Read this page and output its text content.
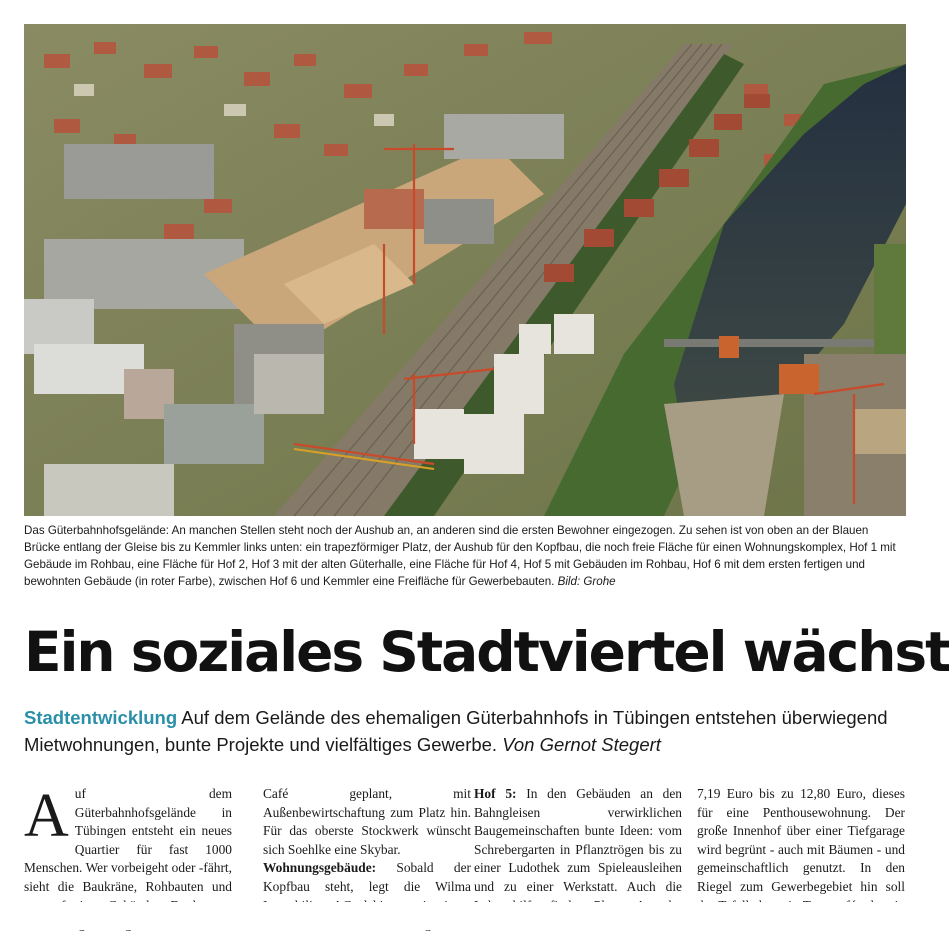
Das Güterbahnhofsgelände: An manchen Stellen steht noch der Aushub an, an anderen sind die ersten Bewohner eingezogen. Zu sehen ist von oben an der Blauen Brücke entlang der Gleise bis zu Kemmler links unten: ein trapezförmiger Platz, der Aushub für den Kopfbau, die noch freie Fläche für einen Wohnungskomplex, Hof 1 mit Gebäude im Rohbau, eine Fläche für Hof 2, Hof 3 mit der alten Güterhalle, eine Fläche für Hof 4, Hof 5 mit Gebäuden im Rohbau, Hof 6 mit dem ersten fertigen und bewohnten Gebäude (in roter Farbe), zwischen Hof 6 und Kemmler eine Freifläche für Gewerbebauten. Bild: Grohe

Ein soziales Stadtviertel wächst

Stadtentwicklung Auf dem Gelände des ehemaligen Güterbahnhofs in Tübingen entstehen überwiegend Mietwohnungen, bunte Projekte und vielfältiges Gewerbe. Von Gernot Stegert

A uf dem Güterbahnhofsgelände in Tübingen entsteht ein neues Quartier für fast 1000 Menschen. Wer vorbeigeht oder -fährt, sieht die Baukräne, Rohbauten und
Café geplant, mit Außenbewirtschaftung zum Platz hin. Für das oberste Stockwerk wünscht sich Soehlke eine Skybar.
Wohnungsgebäude: Sobald der Kopfbau steht, legt die Wilma
Hof 5: In den Gebäuden an den Bahngleisen verwirklichen Baugemeinschaften bunte Ideen: vom Schrebergarten in Pflanztrögen bis zu einer Ludothek zum Spieleausleihen und zu einer Werkstatt. Auch die
7,19 Euro bis zu 12,80 Euro, dieses für eine Penthousewohnung. Der große Innenhof über einer Tiefgarage wird begrünt - auch mit Bäumen - und gemeinschaftlich genutzt. In den Riegel zum Gewerbegebiet hin soll
